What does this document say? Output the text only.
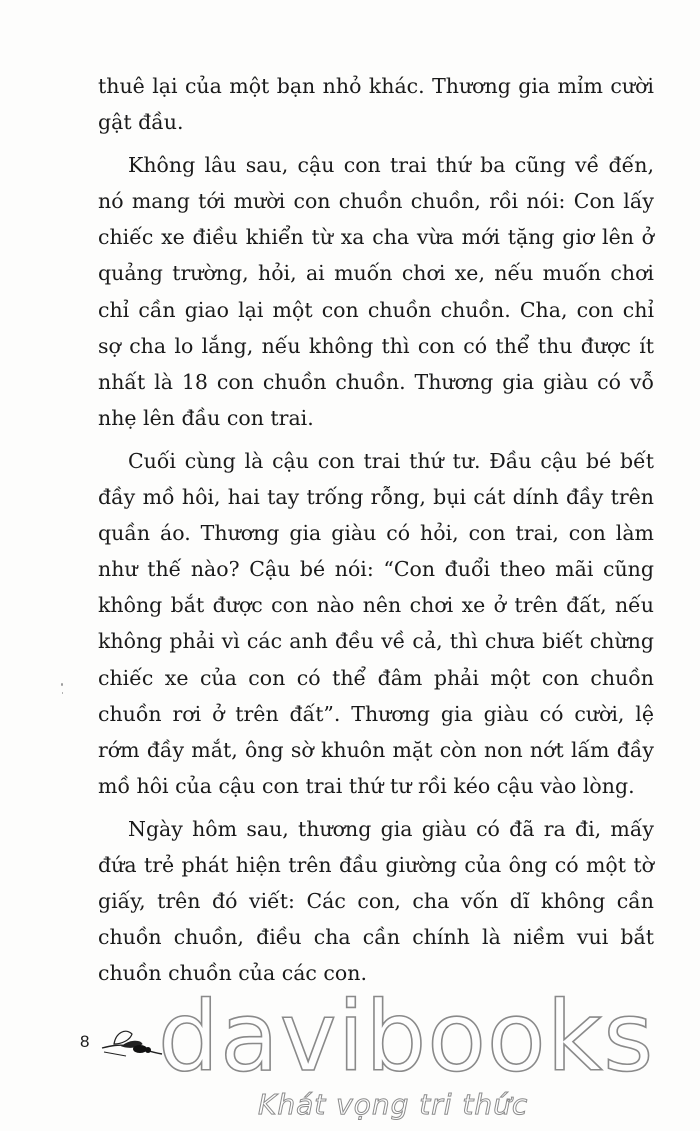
thuê lại của một bạn nhỏ khác. Thương gia mỉm cười gật đầu.

Không lâu sau, cậu con trai thứ ba cũng về đến, nó mang tới mười con chuồn chuồn, rồi nói: Con lấy chiếc xe điều khiển từ xa cha vừa mới tặng giơ lên ở quảng trường, hỏi, ai muốn chơi xe, nếu muốn chơi chỉ cần giao lại một con chuồn chuồn. Cha, con chỉ sợ cha lo lắng, nếu không thì con có thể thu được ít nhất là 18 con chuồn chuồn. Thương gia giàu có vỗ nhẹ lên đầu con trai.

Cuối cùng là cậu con trai thứ tư. Đầu cậu bé bết đầy mồ hôi, hai tay trống rỗng, bụi cát dính đầy trên quần áo. Thương gia giàu có hỏi, con trai, con làm như thế nào? Cậu bé nói: “Con đuổi theo mãi cũng không bắt được con nào nên chơi xe ở trên đất, nếu không phải vì các anh đều về cả, thì chưa biết chừng chiếc xe của con có thể đâm phải một con chuồn chuồn rơi ở trên đất”. Thương gia giàu có cười, lệ rớm đầy mắt, ông sờ khuôn mặt còn non nớt lấm đầy mồ hôi của cậu con trai thứ tư rồi kéo cậu vào lòng.

Ngày hôm sau, thương gia giàu có đã ra đi, mấy đứa trẻ phát hiện trên đầu giường của ông có một tờ giấy, trên đó viết: Các con, cha vốn dĩ không cần chuồn chuồn, điều cha cần chính là niềm vui bắt chuồn chuồn của các con.

8 davibooks
Khát vọng tri thức
